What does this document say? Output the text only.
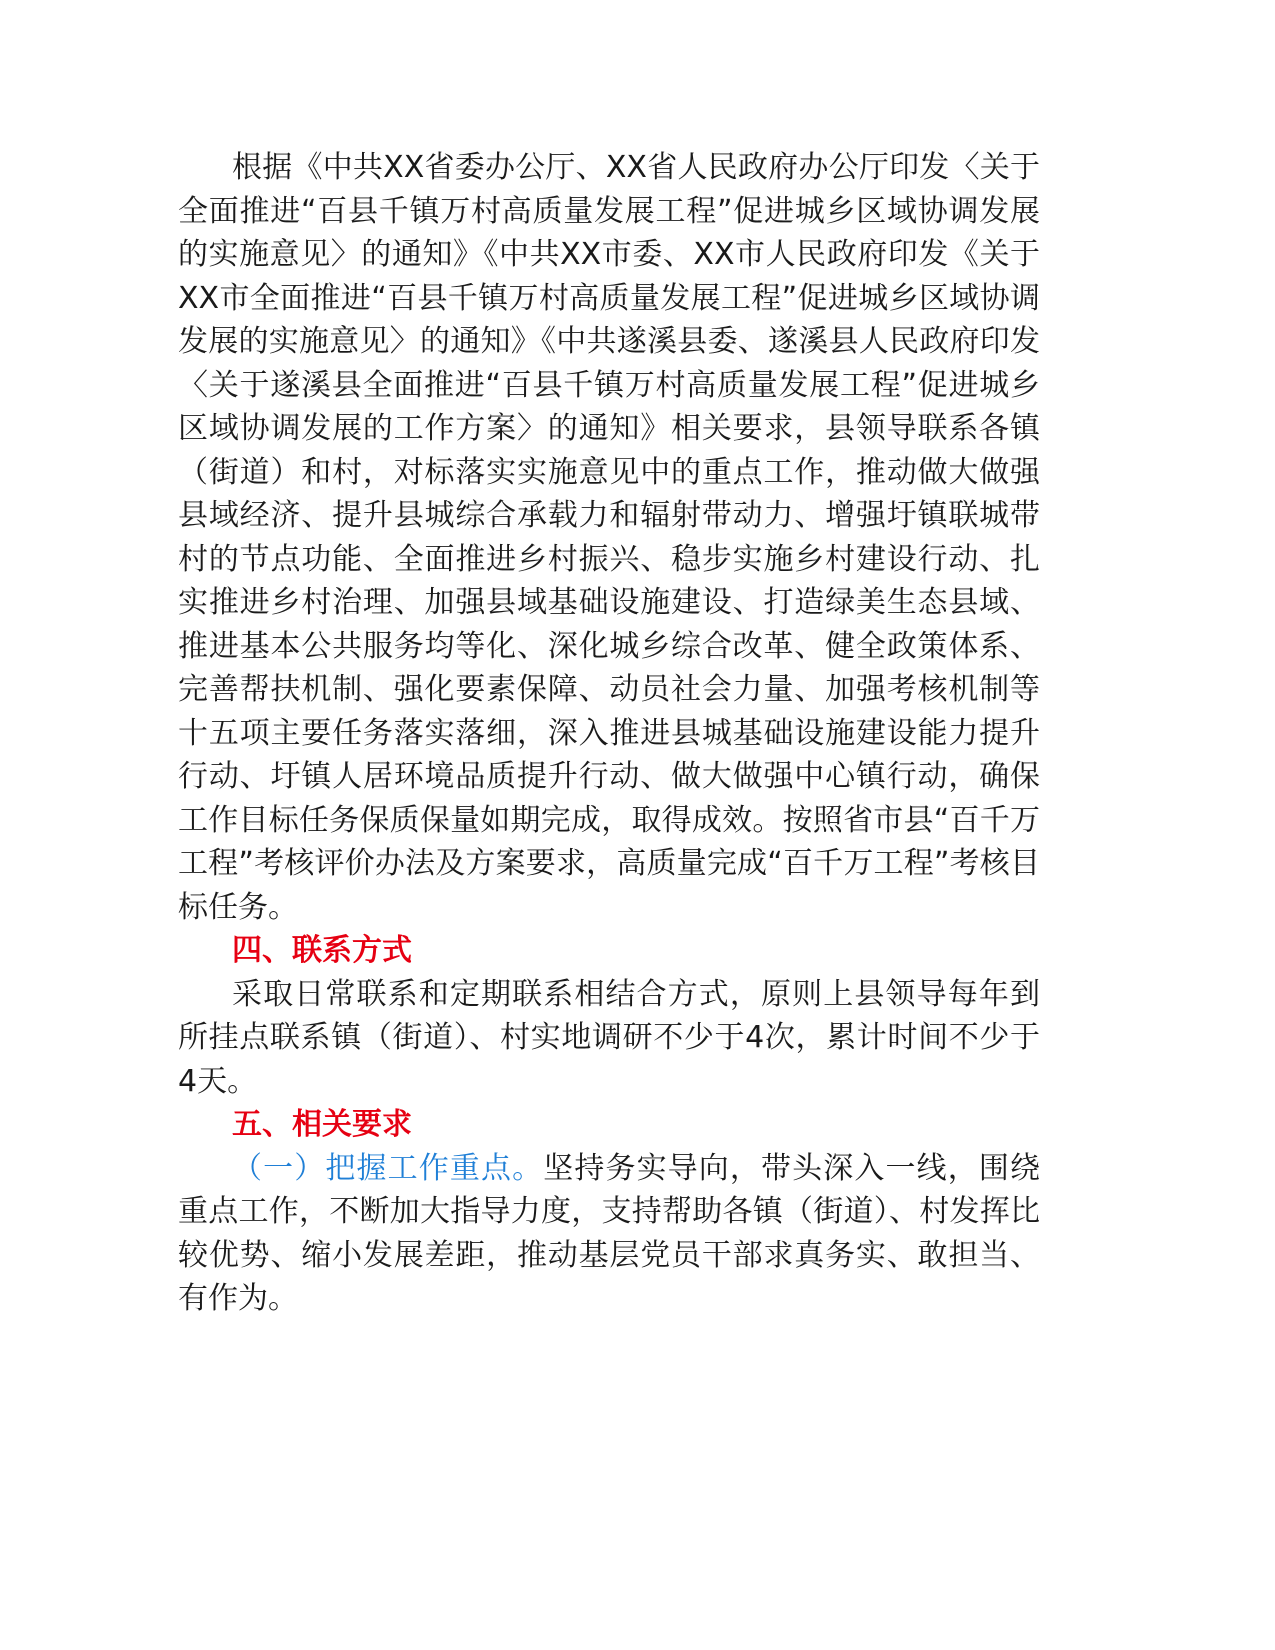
根据《中共XX省委办公厅、XX省人民政府办公厅印发〈关于全面推进“百县千镇万村高质量发展工程”促进城乡区域协调发展的实施意见〉的通知》《中共XX市委、XX市人民政府印发《关于XX市全面推进“百县千镇万村高质量发展工程”促进城乡区域协调发展的实施意见〉的通知》《中共遂溪县委、遂溪县人民政府印发〈关于遂溪县全面推进“百县千镇万村高质量发展工程”促进城乡区域协调发展的工作方案〉的通知》相关要求，县领导联系各镇（街道）和村，对标落实实施意见中的重点工作，推动做大做强县域经济、提升县城综合承载力和辐射带动力、增强圩镇联城带村的节点功能、全面推进乡村振兴、稳步实施乡村建设行动、扎实推进乡村治理、加强县域基础设施建设、打造绿美生态县域、推进基本公共服务均等化、深化城乡综合改革、健全政策体系、完善帮扶机制、强化要素保障、动员社会力量、加强考核机制等十五项主要任务落实落细，深入推进县城基础设施建设能力提升行动、圩镇人居环境品质提升行动、做大做强中心镇行动，确保工作目标任务保质保量如期完成，取得成效。按照省市县“百千万工程”考核评价办法及方案要求，高质量完成“百千万工程”考核目标任务。

四、联系方式

采取日常联系和定期联系相结合方式，原则上县领导每年到所挂点联系镇（街道）、村实地调研不少于4次，累计时间不少于4天。

五、相关要求

（一）把握工作重点。坚持务实导向，带头深入一线，围绕重点工作，不断加大指导力度，支持帮助各镇（街道）、村发挥比较优势、缩小发展差距，推动基层党员干部求真务实、敢担当、有作为。
